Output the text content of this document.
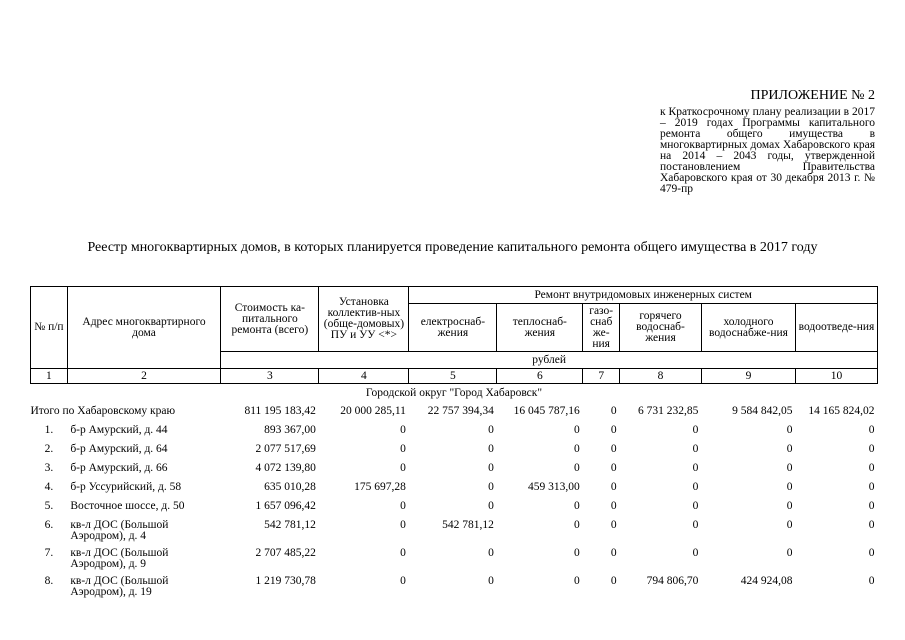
ПРИЛОЖЕНИЕ № 2
к Краткосрочному плану реализации в 2017 – 2019 годах Программы капитального ремонта общего имущества в многоквартирных домах Хабаровского края на 2014 – 2043 годы, утвержденной постановлением Правительства Хабаровского края от 30 декабря 2013 г. № 479-пр
Реестр многоквартирных домов, в которых планируется проведение капитального ремонта общего имущества в 2017 году
№ п/п	Адрес многоквартирного дома	Стоимость ка-питального ремонта (всего)	Установка коллектив-ных (обще-домовых) ПУ и УУ <*>	Ремонт внутридомовых инженерных систем					
				електроснаб-жения	теплоснаб-жения	газо-снаб же-ния	горячего водоснаб-жения	холодного водоснабже-ния	водоотведе-ния
		рублей							
1	2	3	4	5	6	7	8	9	10
Городской округ "Город Хабаровск"									
Итого по Хабаровскому краю		811 195 183,42	20 000 285,11	22 757 394,34	16 045 787,16	0	6 731 232,85	9 584 842,05	14 165 824,02
1.	б-р Амурский, д. 44	893 367,00	0	0	0	0	0	0	0
2.	б-р Амурский, д. 64	2 077 517,69	0	0	0	0	0	0	0
3.	б-р Амурский, д. 66	4 072 139,80	0	0	0	0	0	0	0
4.	б-р Уссурийский, д. 58	635 010,28	175 697,28	0	459 313,00	0	0	0	0
5.	Восточное шоссе, д. 50	1 657 096,42	0	0	0	0	0	0	0
6.	кв-л ДОС (Большой Аэродром), д. 4	542 781,12	0	542 781,12	0	0	0	0	0
7.	кв-л ДОС (Большой Аэродром), д. 9	2 707 485,22	0	0	0	0	0	0	0
8.	кв-л ДОС (Большой Аэродром), д. 19	1 219 730,78	0	0	0	0	794 806,70	424 924,08	0
